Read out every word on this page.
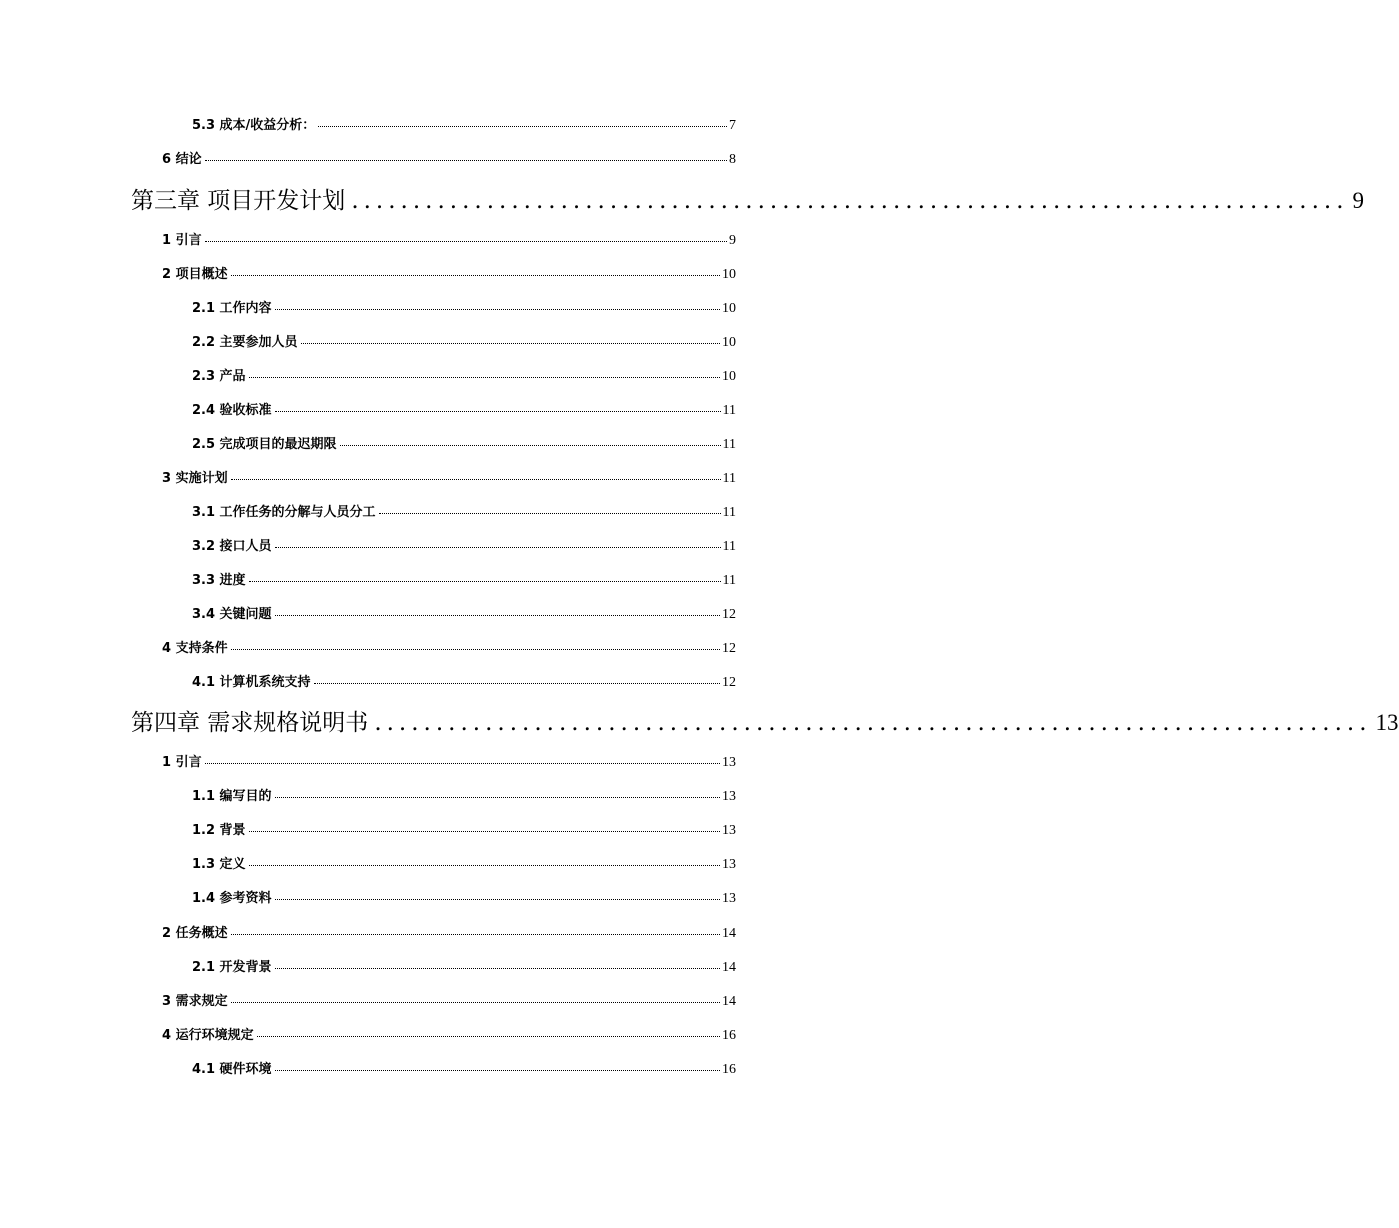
5.3 成本/收益分析：	7
6 结论	8
第三章 项目开发计划 ................................................................................. 9
1 引言	9
2 项目概述	10
2.1 工作内容	10
2.2 主要参加人员	10
2.3 产品	10
2.4 验收标准	11
2.5 完成项目的最迟期限	11
3 实施计划	11
3.1 工作任务的分解与人员分工	11
3.2 接口人员	11
3.3 进度	11
3.4 关键问题	12
4 支持条件	12
4.1 计算机系统支持	12
第四章 需求规格说明书 ................................................................................. 13
1 引言	13
1.1 编写目的	13
1.2 背景	13
1.3 定义	13
1.4 参考资料	13
2 任务概述	14
2.1 开发背景	14
3 需求规定	14
4 运行环境规定	16
4.1 硬件环境	16
